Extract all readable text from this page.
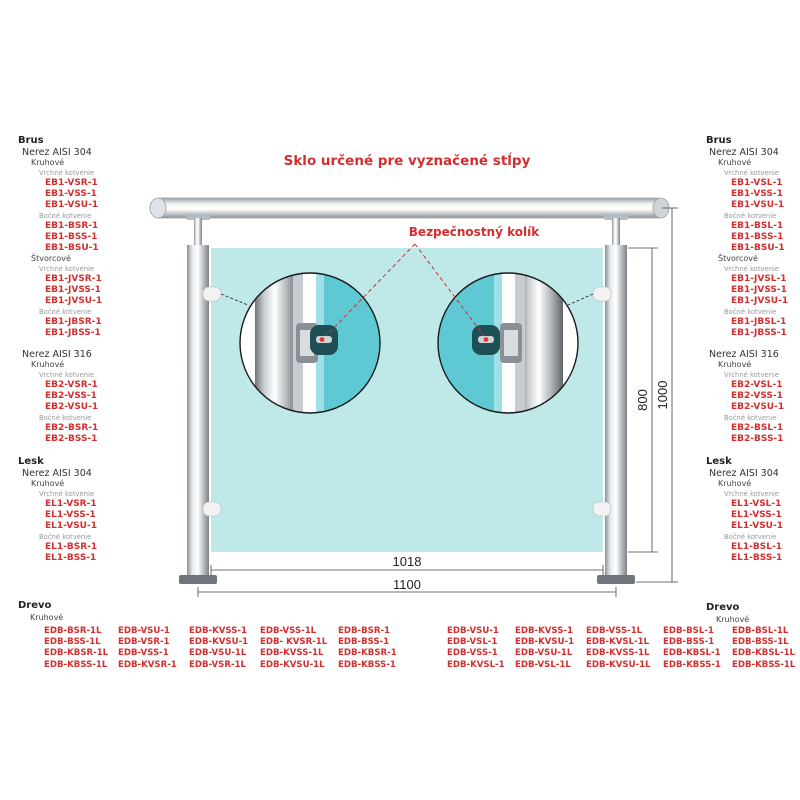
1018
1100
800 1000
Sklo určené pre vyznačené stĺpy
Bezpečnostný kolík
Brus
Nerez AISI 304
Kruhové
Vrchné kotvenie
EB1-VSR-1
EB1-VSS-1
EB1-VSU-1
Bočné kotvenie
EB1-BSR-1
EB1-BSS-1
EB1-BSU-1
Štvorcové
Vrchné kotvenie
EB1-JVSR-1
EB1-JVSS-1
EB1-JVSU-1
Bočné kotvenie
EB1-JBSR-1
EB1-JBSS-1
Nerez AISI 316
Kruhové
Vrchné kotvenie
EB2-VSR-1
EB2-VSS-1
EB2-VSU-1
Bočné kotvenie
EB2-BSR-1
EB2-BSS-1
Lesk
Nerez AISI 304
Kruhové
Vrchné kotvenie
EL1-VSR-1
EL1-VSS-1
EL1-VSU-1
Bočné kotvenie
EL1-BSR-1
EL1-BSS-1
Brus
Nerez AISI 304
Kruhové
Vrchné kotvenie
EB1-VSL-1
EB1-VSS-1
EB1-VSU-1
Bočné kotvenie
EB1-BSL-1
EB1-BSS-1
EB1-BSU-1
Štvorcové
Vrchné kotvenie
EB1-JVSL-1
EB1-JVSS-1
EB1-JVSU-1
Bočné kotvenie
EB1-JBSL-1
EB1-JBSS-1
Nerez AISI 316
Kruhové
Vrchné kotvenie
EB2-VSL-1
EB2-VSS-1
EB2-VSU-1
Bočné kotvenie
EB2-BSL-1
EB2-BSS-1
Lesk
Nerez AISI 304
Kruhové
Vrchné kotvenie
EL1-VSL-1
EL1-VSS-1
EL1-VSU-1
Bočné kotvenie
EL1-BSL-1
EL1-BSS-1
Drevo
Kruhové
EDB-BSR-1L
EDB-BSS-1L
EDB-KBSR-1L
EDB-KBSS-1L
EDB-VSU-1
EDB-VSR-1
EDB-VSS-1
EDB-KVSR-1
EDB-KVSS-1
EDB-KVSU-1
EDB-VSU-1L
EDB-VSR-1L
EDB-VSS-1L
EDB- KVSR-1L
EDB-KVSS-1L
EDB-KVSU-1L
EDB-BSR-1
EDB-BSS-1
EDB-KBSR-1
EDB-KBSS-1
Drevo
Kruhové
EDB-VSU-1
EDB-VSL-1
EDB-VSS-1
EDB-KVSL-1
EDB-KVSS-1
EDB-KVSU-1
EDB-VSU-1L
EDB-VSL-1L
EDB-VSS-1L
EDB-KVSL-1L
EDB-KVSS-1L
EDB-KVSU-1L
EDB-BSL-1
EDB-BSS-1
EDB-KBSL-1
EDB-KBSS-1
EDB-BSL-1L
EDB-BSS-1L
EDB-KBSL-1L
EDB-KBSS-1L
